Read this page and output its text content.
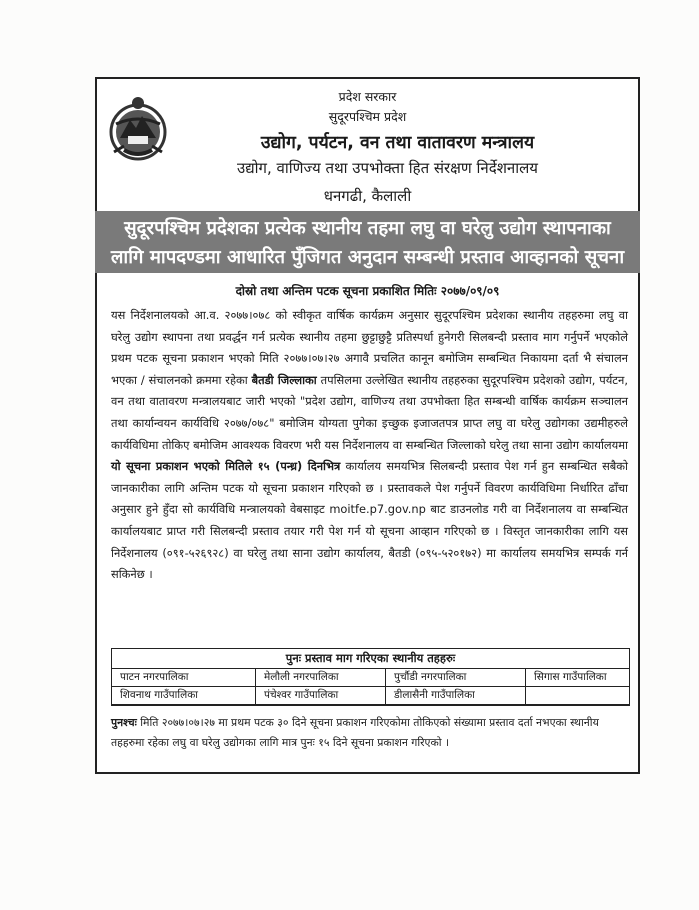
प्रदेश सरकार
सुदूरपश्चिम प्रदेश
उद्योग, पर्यटन, वन तथा वातावरण मन्त्रालय
उद्योग, वाणिज्य तथा उपभोक्ता हित संरक्षण निर्देशनालय
धनगढी, कैलाली
सुदूरपश्चिम प्रदेशका प्रत्येक स्थानीय तहमा लघु वा घरेलु उद्योग स्थापनाका
लागि मापदण्डमा आधारित पुँजिगत अनुदान सम्बन्धी प्रस्ताव आव्हानको सूचना
दोस्रो तथा अन्तिम पटक सूचना प्रकाशित मितिः २०७७/०९/०९
यस निर्देशनालयको आ.व. २०७७।०७८ को स्वीकृत वार्षिक कार्यक्रम अनुसार सुदूरपश्चिम प्रदेशका स्थानीय तहहरुमा लघु वा घरेलु उद्योग स्थापना तथा प्रवर्द्धन गर्न प्रत्येक स्थानीय तहमा छुट्टाछुट्टै प्रतिस्पर्धा हुनेगरी सिलबन्दी प्रस्ताव माग गर्नुपर्ने भएकोले प्रथम पटक सूचना प्रकाशन भएको मिति २०७७।०७।२७ अगावै प्रचलित कानून बमोजिम सम्बन्धित निकायमा दर्ता भै संचालन भएका / संचालनको क्रममा रहेका बैतडी जिल्लाका तपसिलमा उल्लेखित स्थानीय तहहरुका सुदूरपश्चिम प्रदेशको उद्योग, पर्यटन, वन तथा वातावरण मन्त्रालयबाट जारी भएको "प्रदेश उद्योग, वाणिज्य तथा उपभोक्ता हित सम्बन्धी वार्षिक कार्यक्रम सञ्चालन तथा कार्यान्वयन कार्यविधि २०७७/०७८" बमोजिम योग्यता पुगेका इच्छुक इजाजतपत्र प्राप्त लघु वा घरेलु उद्योगका उद्यमीहरुले कार्यविधिमा तोकिए बमोजिम आवश्यक विवरण भरी यस निर्देशनालय वा सम्बन्धित जिल्लाको घरेलु तथा साना उद्योग कार्यालयमा यो सूचना प्रकाशन भएको मितिले १५ (पन्ध्र) दिनभित्र कार्यालय समयभित्र सिलबन्दी प्रस्ताव पेश गर्न हुन सम्बन्धित सबैको जानकारीका लागि अन्तिम पटक यो सूचना प्रकाशन गरिएको छ । प्रस्तावकले पेश गर्नुपर्ने विवरण कार्यविधिमा निर्धारित ढाँचा अनुसार हुने हुँदा सो कार्यविधि मन्त्रालयको वेबसाइट moitfe.p7.gov.np बाट डाउनलोड गरी वा निर्देशनालय वा सम्बन्धित कार्यालयबाट प्राप्त गरी सिलबन्दी प्रस्ताव तयार गरी पेश गर्न यो सूचना आव्हान गरिएको छ । विस्तृत जानकारीका लागि यस निर्देशनालय (०९१-५२६९२८) वा घरेलु तथा साना उद्योग कार्यालय, बैतडी (०९५-५२०१७२) मा कार्यालय समयभित्र सम्पर्क गर्न सकिनेछ ।
पुनः प्रस्ताव माग गरिएका स्थानीय तहहरुः
पाटन नगरपालिका	मेलौली नगरपालिका	पुर्चौडी नगरपालिका	सिगास गाउँपालिका
शिवनाथ गाउँपालिका	पंचेश्वर गाउँपालिका	डीलासैनी गाउँपालिका
पुनश्चः मिति २०७७।०७।२७ मा प्रथम पटक ३० दिने सूचना प्रकाशन गरिएकोमा तोकिएको संख्यामा प्रस्ताव दर्ता नभएका स्थानीय तहहरुमा रहेका लघु वा घरेलु उद्योगका लागि मात्र पुनः १५ दिने सूचना प्रकाशन गरिएको ।
